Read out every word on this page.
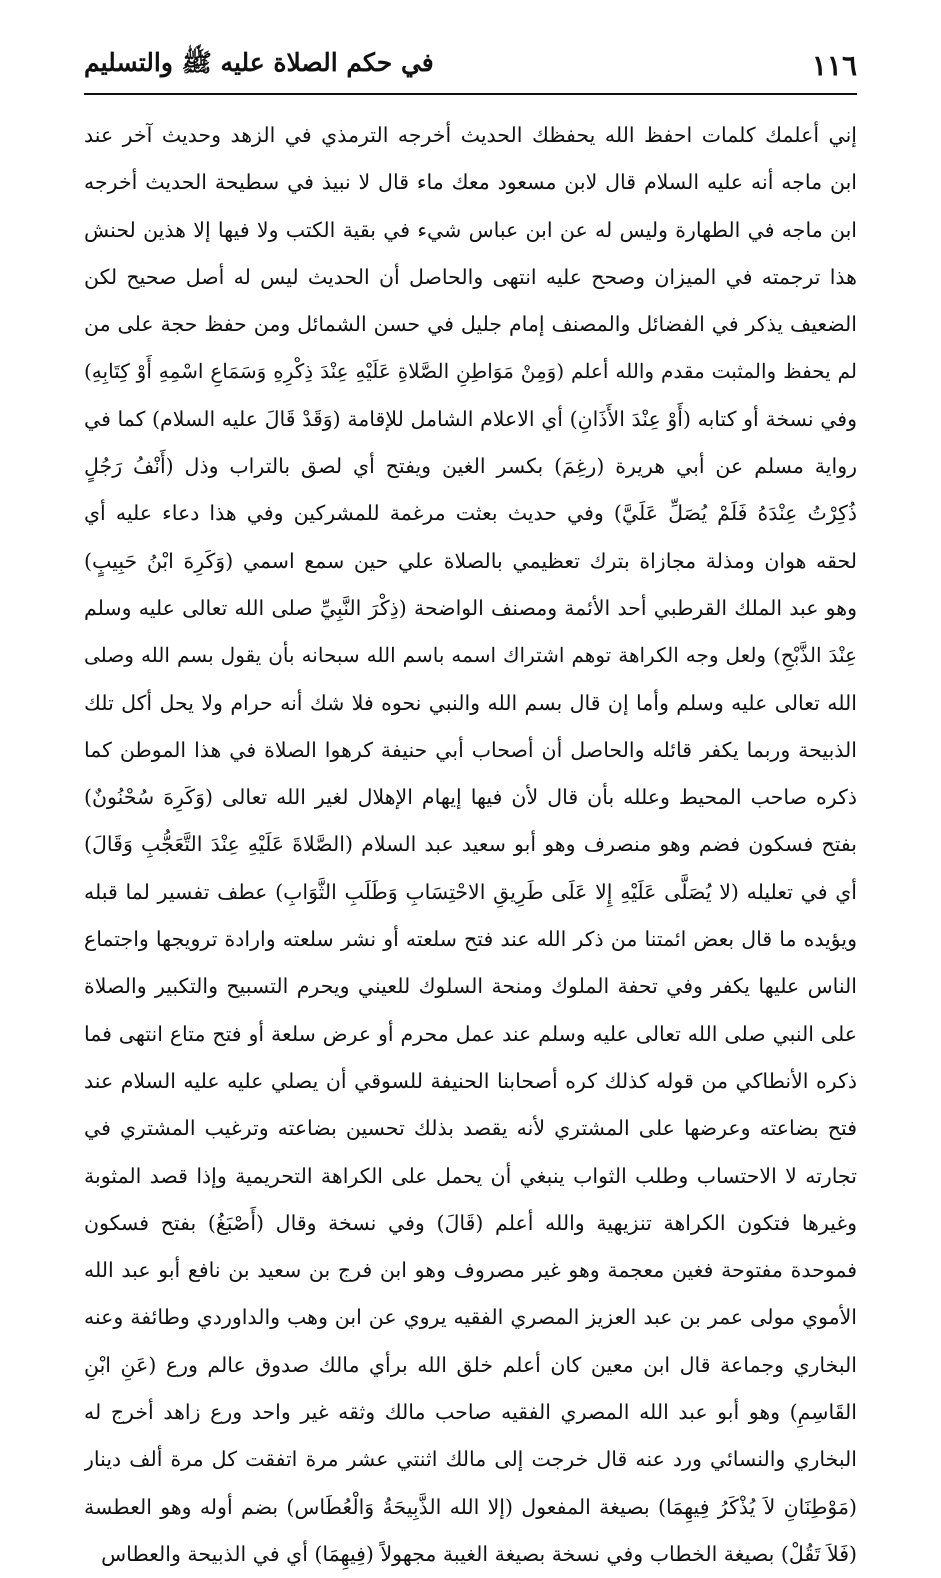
١١٦
في حكم الصلاة عليه ﷺ والتسليم
إني أعلمك كلمات احفظ الله يحفظك الحديث أخرجه الترمذي في الزهد وحديث آخر عند
ابن ماجه أنه عليه السلام قال لابن مسعود معك ماء قال لا نبيذ في سطيحة الحديث أخرجه
ابن ماجه في الطهارة وليس له عن ابن عباس شيء في بقية الكتب ولا فيها إلا هذين لحنش
هذا ترجمته في الميزان وصحح عليه انتهى والحاصل أن الحديث ليس له أصل صحيح لكن
الضعيف يذكر في الفضائل والمصنف إمام جليل في حسن الشمائل ومن حفظ حجة على من
لم يحفظ والمثبت مقدم والله أعلم (وَمِنْ مَوَاطِنِ الصَّلاةِ عَلَيْهِ عِنْدَ ذِكْرِهِ وَسَمَاعِ اسْمِهِ أَوْ كِتَابِهِ)
وفي نسخة أو كتابه (أَوْ عِنْدَ الأَذَانِ) أي الاعلام الشامل للإقامة (وَقَدْ قَالَ عليه السلام) كما في
رواية مسلم عن أبي هريرة (رغِمَ) بكسر الغين ويفتح أي لصق بالتراب وذل (أَنْفُ رَجُلٍ
ذُكِرْتُ عِنْدَهُ فَلَمْ يُصَلِّ عَلَيَّ) وفي حديث بعثت مرغمة للمشركين وفي هذا دعاء عليه أي
لحقه هوان ومذلة مجازاة بترك تعظيمي بالصلاة علي حين سمع اسمي (وَكَرِهَ ابْنُ حَبِيبٍ)
وهو عبد الملك القرطبي أحد الأئمة ومصنف الواضحة (ذِكْرَ النَّبِيِّ صلى الله تعالى عليه وسلم
عِنْدَ الذَّبْحِ) ولعل وجه الكراهة توهم اشتراك اسمه باسم الله سبحانه بأن يقول بسم الله وصلى
الله تعالى عليه وسلم وأما إن قال بسم الله والنبي نحوه فلا شك أنه حرام ولا يحل أكل تلك
الذبيحة وربما يكفر قائله والحاصل أن أصحاب أبي حنيفة كرهوا الصلاة في هذا الموطن كما
ذكره صاحب المحيط وعلله بأن قال لأن فيها إيهام الإهلال لغير الله تعالى (وَكَرِهَ سُحْنُونٌ)
بفتح فسكون فضم وهو منصرف وهو أبو سعيد عبد السلام (الصَّلاةَ عَلَيْهِ عِنْدَ التَّعَجُّبِ وَقَالَ)
أي في تعليله (لا يُصَلَّى عَلَيْهِ إِلا عَلَى طَرِيقِ الاحْتِسَابِ وَطَلَبِ الثَّوَابِ) عطف تفسير لما قبله
ويؤيده ما قال بعض ائمتنا من ذكر الله عند فتح سلعته أو نشر سلعته وارادة ترويجها واجتماع
الناس عليها يكفر وفي تحفة الملوك ومنحة السلوك للعيني ويحرم التسبيح والتكبير والصلاة
على النبي صلى الله تعالى عليه وسلم عند عمل محرم أو عرض سلعة أو فتح متاع انتهى فما
ذكره الأنطاكي من قوله كذلك كره أصحابنا الحنيفة للسوقي أن يصلي عليه عليه السلام عند
فتح بضاعته وعرضها على المشتري لأنه يقصد بذلك تحسين بضاعته وترغيب المشتري في
تجارته لا الاحتساب وطلب الثواب ينبغي أن يحمل على الكراهة التحريمية وإذا قصد المثوبة
وغيرها فتكون الكراهة تنزيهية والله أعلم (قَالَ) وفي نسخة وقال (أَصْبَغُ) بفتح فسكون
فموحدة مفتوحة فغين معجمة وهو غير مصروف وهو ابن فرج بن سعيد بن نافع أبو عبد الله
الأموي مولى عمر بن عبد العزيز المصري الفقيه يروي عن ابن وهب والداوردي وطائفة وعنه
البخاري وجماعة قال ابن معين كان أعلم خلق الله برأي مالك صدوق عالم ورع (عَنِ ابْنِ
القَاسِمِ) وهو أبو عبد الله المصري الفقيه صاحب مالك وثقه غير واحد ورع زاهد أخرج له
البخاري والنسائي ورد عنه قال خرجت إلى مالك اثنتي عشر مرة اتفقت كل مرة ألف دينار
(مَوْطِنَانِ لاَ يُذْكَرُ فِيهِمَا) بصيغة المفعول (إلا الله الذَّبِيحَةُ وَالْعُطَاس) بضم أوله وهو العطسة
(فَلاَ تَقُلْ) بصيغة الخطاب وفي نسخة بصيغة الغيبة مجهولاً (فِيهِمَا) أي في الذبيحة والعطاس
